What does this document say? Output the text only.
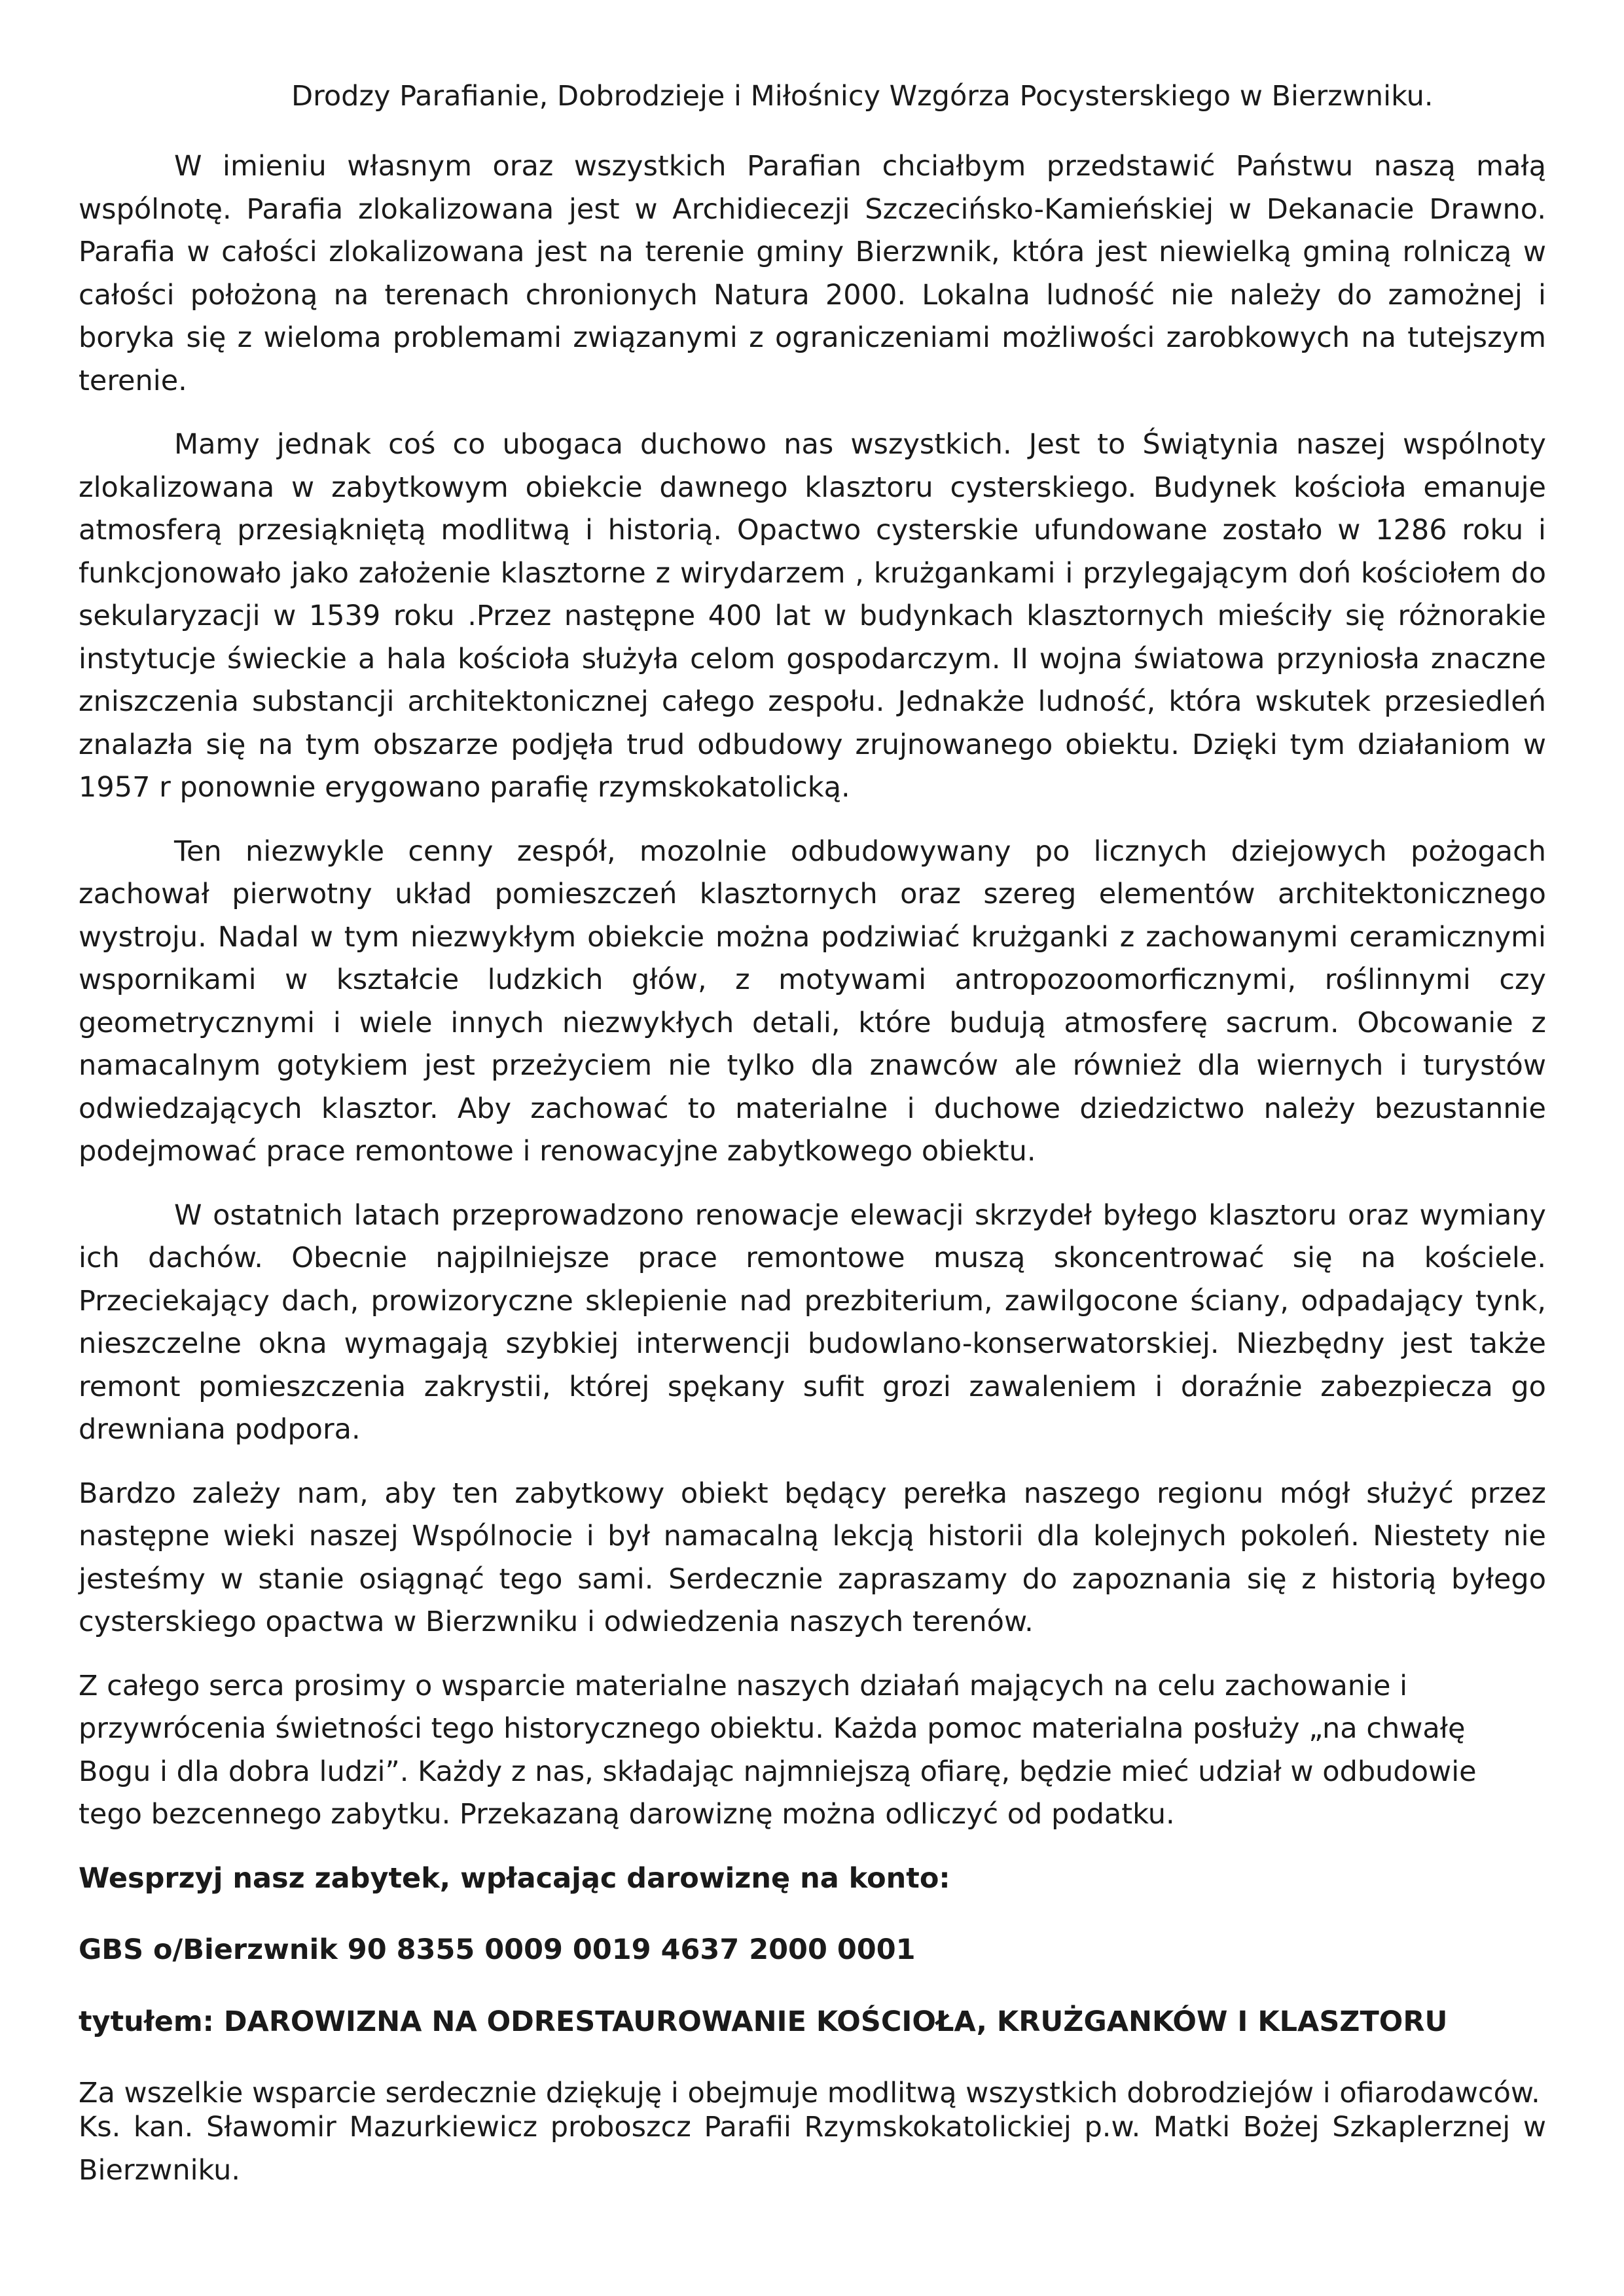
Drodzy Parafianie, Dobrodzieje i Miłośnicy Wzgórza Pocysterskiego w Bierzwniku.

W imieniu własnym oraz wszystkich Parafian chciałbym przedstawić Państwu naszą małą wspólnotę. Parafia zlokalizowana jest w Archidiecezji Szczecińsko-Kamieńskiej w Dekanacie Drawno. Parafia w całości zlokalizowana jest na terenie gminy Bierzwnik, która jest niewielką gminą rolniczą w całości położoną na terenach chronionych Natura 2000. Lokalna ludność nie należy do zamożnej i boryka się z wieloma problemami związanymi z ograniczeniami możliwości zarobkowych na tutejszym terenie.

Mamy jednak coś co ubogaca duchowo nas wszystkich. Jest to Świątynia naszej wspólnoty zlokalizowana w zabytkowym obiekcie dawnego klasztoru cysterskiego. Budynek kościoła emanuje atmosferą przesiąkniętą modlitwą i historią. Opactwo cysterskie ufundowane zostało w 1286 roku i funkcjonowało jako założenie klasztorne z wirydarzem , krużgankami i przylegającym doń kościołem do sekularyzacji w 1539 roku .Przez następne 400 lat w budynkach klasztornych mieściły się różnorakie instytucje świeckie a hala kościoła służyła celom gospodarczym. II wojna światowa przyniosła znaczne zniszczenia substancji architektonicznej całego zespołu. Jednakże ludność, która wskutek przesiedleń znalazła się na tym obszarze podjęła trud odbudowy zrujnowanego obiektu. Dzięki tym działaniom w 1957 r ponownie erygowano parafię rzymskokatolicką.

Ten niezwykle cenny zespół, mozolnie odbudowywany po licznych dziejowych pożogach zachował pierwotny układ pomieszczeń klasztornych oraz szereg elementów architektonicznego wystroju. Nadal w tym niezwykłym obiekcie można podziwiać krużganki z zachowanymi ceramicznymi wspornikami w kształcie ludzkich głów, z motywami antropozoomorficznymi, roślinnymi czy geometrycznymi i wiele innych niezwykłych detali, które budują atmosferę sacrum. Obcowanie z namacalnym gotykiem jest przeżyciem nie tylko dla znawców ale również dla wiernych i turystów odwiedzających klasztor. Aby zachować to materialne i duchowe dziedzictwo należy bezustannie podejmować prace remontowe i renowacyjne zabytkowego obiektu.

W ostatnich latach przeprowadzono renowacje elewacji skrzydeł byłego klasztoru oraz wymiany ich dachów. Obecnie najpilniejsze prace remontowe muszą skoncentrować się na kościele. Przeciekający dach, prowizoryczne sklepienie nad prezbiterium, zawilgocone ściany, odpadający tynk, nieszczelne okna wymagają szybkiej interwencji budowlano-konserwatorskiej. Niezbędny jest także remont pomieszczenia zakrystii, której spękany sufit grozi zawaleniem i doraźnie zabezpiecza go drewniana podpora.

Bardzo zależy nam, aby ten zabytkowy obiekt będący perełka naszego regionu mógł służyć przez następne wieki naszej Wspólnocie i był namacalną lekcją historii dla kolejnych pokoleń. Niestety nie jesteśmy w stanie osiągnąć tego sami. Serdecznie zapraszamy do zapoznania się z historią byłego cysterskiego opactwa w Bierzwniku i odwiedzenia naszych terenów.

Z całego serca prosimy o wsparcie materialne naszych działań mających na celu zachowanie i przywrócenia świetności tego historycznego obiektu. Każda pomoc materialna posłuży „na chwałę Bogu i dla dobra ludzi”. Każdy z nas, składając najmniejszą ofiarę, będzie mieć udział w odbudowie tego bezcennego zabytku. Przekazaną darowiznę można odliczyć od podatku.

Wesprzyj nasz zabytek, wpłacając darowiznę na konto:

GBS o/Bierzwnik 90 8355 0009 0019 4637 2000 0001

tytułem: DAROWIZNA NA ODRESTAUROWANIE KOŚCIOŁA, KRUŻGANKÓW I KLASZTORU

Za wszelkie wsparcie serdecznie dziękuję i obejmuje modlitwą wszystkich dobrodziejów i ofiarodawców.

Ks. kan. Sławomir Mazurkiewicz proboszcz Parafii Rzymskokatolickiej p.w. Matki Bożej Szkaplerznej w Bierzwniku.
